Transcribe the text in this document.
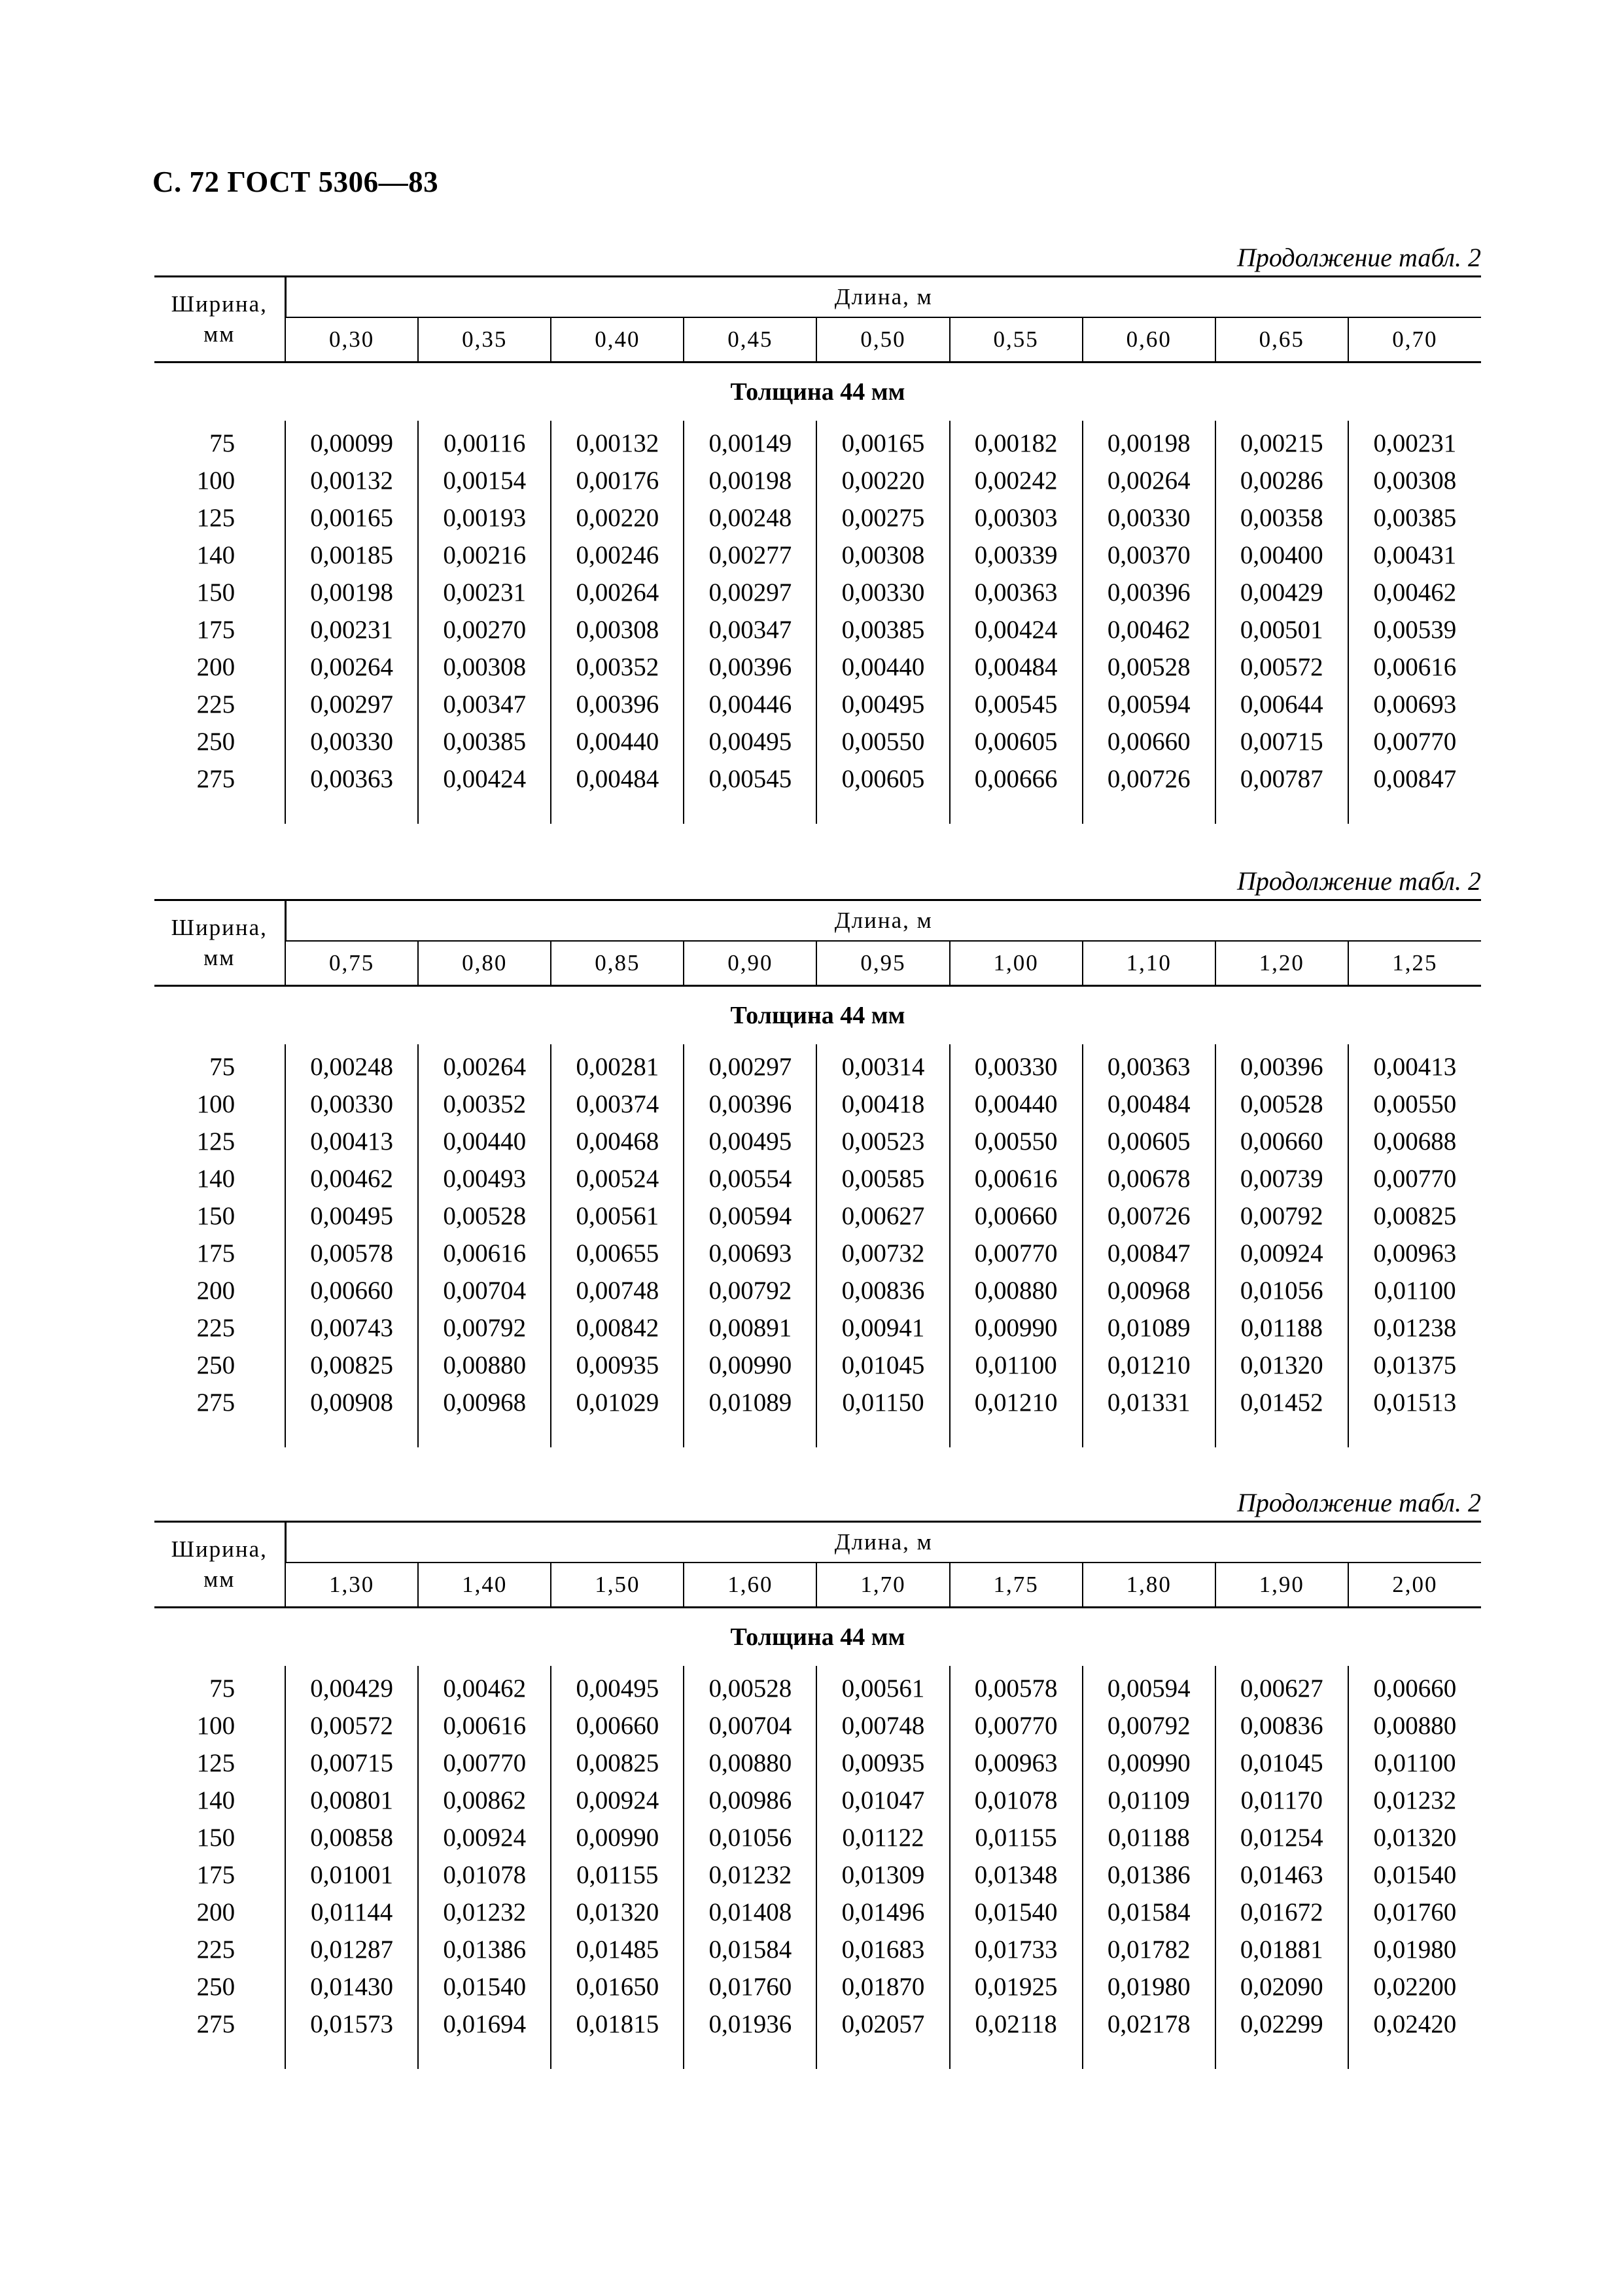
С. 72 ГОСТ 5306—83
Продолжение табл. 2
Ширина, мм	Длина, м								
	0,30	0,35	0,40	0,45	0,50	0,55	0,60	0,65	0,70
Толщина 44 мм									

75	0,00099	0,00116	0,00132	0,00149	0,00165	0,00182	0,00198	0,00215	0,00231
100	0,00132	0,00154	0,00176	0,00198	0,00220	0,00242	0,00264	0,00286	0,00308
125	0,00165	0,00193	0,00220	0,00248	0,00275	0,00303	0,00330	0,00358	0,00385
140	0,00185	0,00216	0,00246	0,00277	0,00308	0,00339	0,00370	0,00400	0,00431
150	0,00198	0,00231	0,00264	0,00297	0,00330	0,00363	0,00396	0,00429	0,00462
175	0,00231	0,00270	0,00308	0,00347	0,00385	0,00424	0,00462	0,00501	0,00539
200	0,00264	0,00308	0,00352	0,00396	0,00440	0,00484	0,00528	0,00572	0,00616
225	0,00297	0,00347	0,00396	0,00446	0,00495	0,00545	0,00594	0,00644	0,00693
250	0,00330	0,00385	0,00440	0,00495	0,00550	0,00605	0,00660	0,00715	0,00770
275	0,00363	0,00424	0,00484	0,00545	0,00605	0,00666	0,00726	0,00787	0,00847

Продолжение табл. 2
Ширина, мм	Длина, м								
	0,75	0,80	0,85	0,90	0,95	1,00	1,10	1,20	1,25
Толщина 44 мм									

75	0,00248	0,00264	0,00281	0,00297	0,00314	0,00330	0,00363	0,00396	0,00413
100	0,00330	0,00352	0,00374	0,00396	0,00418	0,00440	0,00484	0,00528	0,00550
125	0,00413	0,00440	0,00468	0,00495	0,00523	0,00550	0,00605	0,00660	0,00688
140	0,00462	0,00493	0,00524	0,00554	0,00585	0,00616	0,00678	0,00739	0,00770
150	0,00495	0,00528	0,00561	0,00594	0,00627	0,00660	0,00726	0,00792	0,00825
175	0,00578	0,00616	0,00655	0,00693	0,00732	0,00770	0,00847	0,00924	0,00963
200	0,00660	0,00704	0,00748	0,00792	0,00836	0,00880	0,00968	0,01056	0,01100
225	0,00743	0,00792	0,00842	0,00891	0,00941	0,00990	0,01089	0,01188	0,01238
250	0,00825	0,00880	0,00935	0,00990	0,01045	0,01100	0,01210	0,01320	0,01375
275	0,00908	0,00968	0,01029	0,01089	0,01150	0,01210	0,01331	0,01452	0,01513

Продолжение табл. 2
Ширина, мм	Длина, м								
	1,30	1,40	1,50	1,60	1,70	1,75	1,80	1,90	2,00
Толщина 44 мм									

75	0,00429	0,00462	0,00495	0,00528	0,00561	0,00578	0,00594	0,00627	0,00660
100	0,00572	0,00616	0,00660	0,00704	0,00748	0,00770	0,00792	0,00836	0,00880
125	0,00715	0,00770	0,00825	0,00880	0,00935	0,00963	0,00990	0,01045	0,01100
140	0,00801	0,00862	0,00924	0,00986	0,01047	0,01078	0,01109	0,01170	0,01232
150	0,00858	0,00924	0,00990	0,01056	0,01122	0,01155	0,01188	0,01254	0,01320
175	0,01001	0,01078	0,01155	0,01232	0,01309	0,01348	0,01386	0,01463	0,01540
200	0,01144	0,01232	0,01320	0,01408	0,01496	0,01540	0,01584	0,01672	0,01760
225	0,01287	0,01386	0,01485	0,01584	0,01683	0,01733	0,01782	0,01881	0,01980
250	0,01430	0,01540	0,01650	0,01760	0,01870	0,01925	0,01980	0,02090	0,02200
275	0,01573	0,01694	0,01815	0,01936	0,02057	0,02118	0,02178	0,02299	0,02420
